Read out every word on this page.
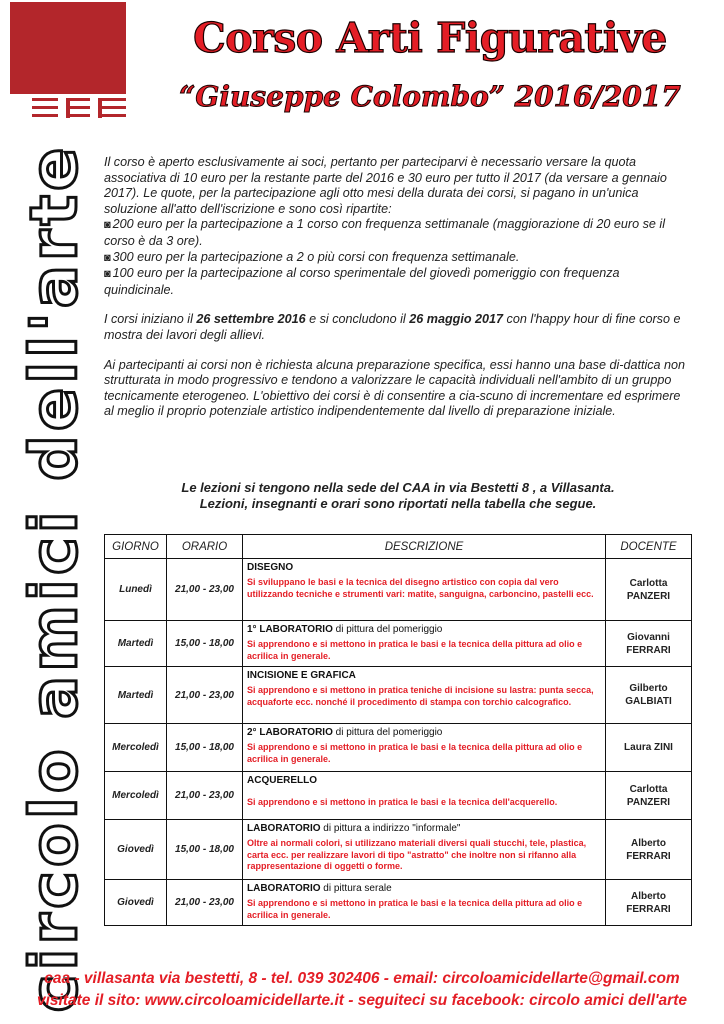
circolo amici dell'arte
Corso Arti Figurative
“Giuseppe Colombo” 2016/2017

Il corso è aperto esclusivamente ai soci, pertanto per parteciparvi è necessario versare la quota associativa di 10 euro per la restante parte del 2016 e 30 euro per tutto il 2017 (da versare a gennaio 2017). Le quote, per la partecipazione agli otto mesi della durata dei corsi, si pagano in un'unica soluzione all'atto dell'iscrizione e sono così ripartite:
◙ 200 euro per la partecipazione a 1 corso con frequenza settimanale (maggiorazione di 20 euro se il corso è da 3 ore).
◙ 300 euro per la partecipazione a 2 o più corsi con frequenza settimanale.
◙ 100 euro per la partecipazione al corso sperimentale del giovedì pomeriggio con frequenza quindicinale.

I corsi iniziano il 26 settembre 2016 e si concludono il 26 maggio 2017 con l'happy hour di fine corso e mostra dei lavori degli allievi.

Ai partecipanti ai corsi non è richiesta alcuna preparazione specifica, essi hanno una base di-dattica non strutturata in modo progressivo e tendono a valorizzare le capacità individuali nell'ambito di un gruppo tecnicamente eterogeneo. L'obiettivo dei corsi è di consentire a cia-scuno di incrementare ed esprimere al meglio il proprio potenziale artistico indipendentemente dal livello di preparazione iniziale.

Le lezioni si tengono nella sede del CAA in via Bestetti 8 , a Villasanta.
Lezioni, insegnanti e orari sono riportati nella tabella che segue.
GIORNO	ORARIO	DESCRIZIONE	DOCENTE
Lunedì	21,00 - 23,00	DISEGNO
Si sviluppano le basi e la tecnica del disegno artistico con copia dal vero utilizzando tecniche e strumenti vari: matite, sanguigna, carboncino, pastelli ecc.	Carlotta
PANZERI

Martedì	15,00 - 18,00	1° LABORATORIO di pittura del pomeriggio
Si apprendono e si mettono in pratica le basi e la tecnica della pittura ad olio e acrilica in generale.	Giovanni
FERRARI

Martedì	21,00 - 23,00	INCISIONE E GRAFICA
Si apprendono e si mettono in pratica teniche di incisione su lastra: punta secca, acquaforte ecc. nonché il procedimento di stampa con torchio calcografico.	Gilberto
GALBIATI

Mercoledì	15,00 - 18,00	2° LABORATORIO di pittura del pomeriggio
Si apprendono e si mettono in pratica le basi e la tecnica della pittura ad olio e acrilica in generale.	Laura ZINI

Mercoledì	21,00 - 23,00	ACQUERELLO
Si apprendono e si mettono in pratica le basi e la tecnica dell'acquerello.	Carlotta
PANZERI

Giovedì	15,00 - 18,00	LABORATORIO di pittura a indirizzo "informale"
Oltre ai normali colori, si utilizzano materiali diversi quali stucchi, tele, plastica, carta ecc. per realizzare lavori di tipo "astratto" che inoltre non si rifanno alla rappresentazione di oggetti o forme.	Alberto
FERRARI

Giovedì	21,00 - 23,00	LABORATORIO di pittura serale
Si apprendono e si mettono in pratica le basi e la tecnica della pittura ad olio e acrilica in generale.	Alberto
FERRARI
caa - villasanta via bestetti, 8 - tel. 039 302406 - email: circoloamicidellarte@gmail.com
visitate il sito: www.circoloamicidellarte.it - seguiteci su facebook: circolo amici dell'arte
